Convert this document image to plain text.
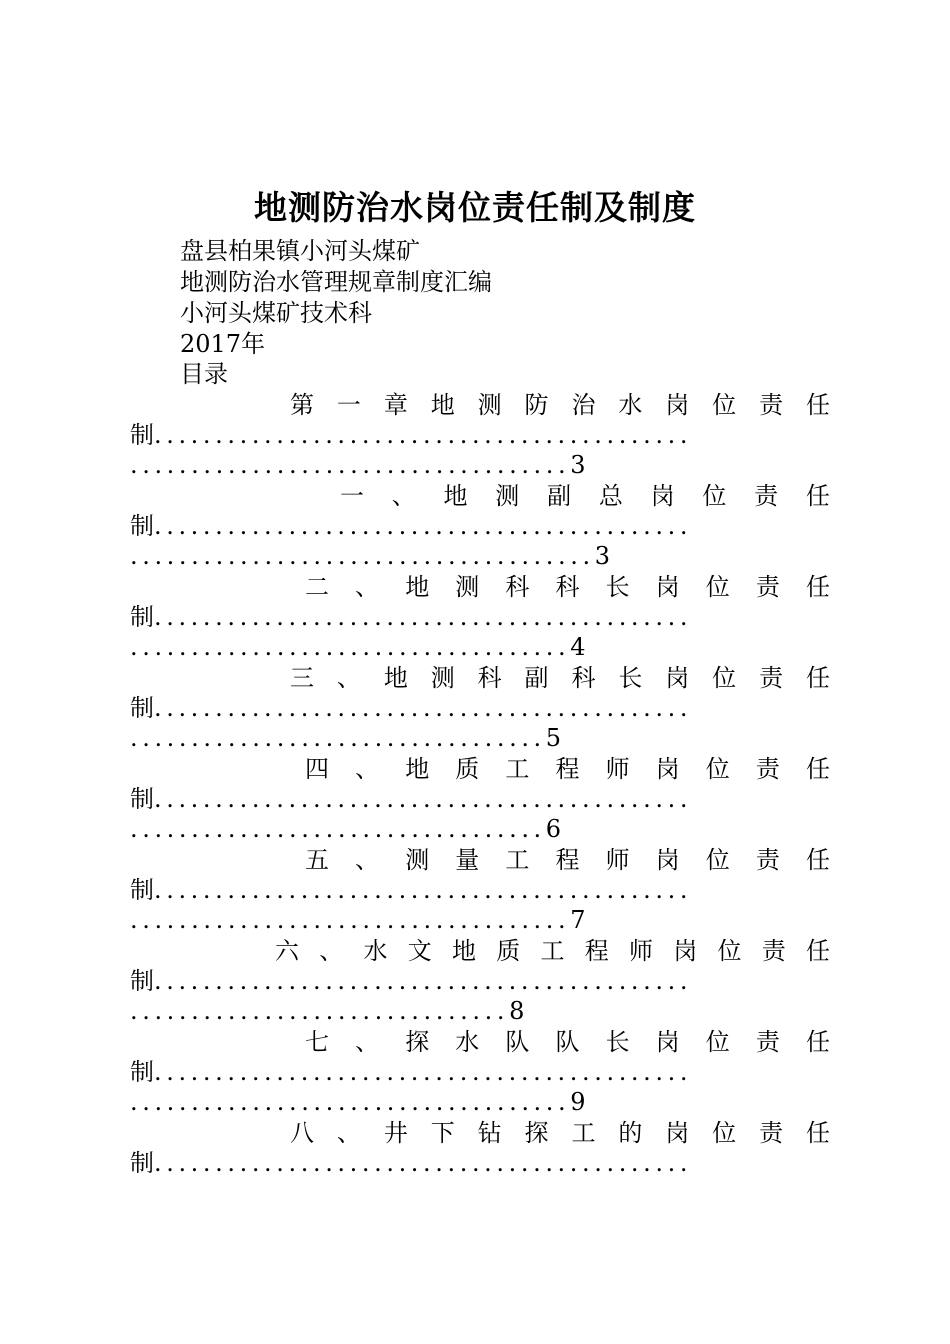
地测防治水岗位责任制及制度
盘县柏果镇小河头煤矿
地测防治水管理规章制度汇编
小河头煤矿技术科
2017年
目录
第 一 章 地 测 防 治 水 岗 位 责 任
制............................................
....................................3
一 、 地 测 副 总 岗 位 责 任
制............................................
......................................3
二 、 地 测 科 科 长 岗 位 责 任
制............................................
....................................4
三 、 地 测 科 副 科 长 岗 位 责 任
制............................................
..................................5
四 、 地 质 工 程 师 岗 位 责 任
制............................................
..................................6
五 、 测 量 工 程 师 岗 位 责 任
制............................................
....................................7
六 、 水 文 地 质 工 程 师 岗 位 责 任
制............................................
...............................8
七 、 探 水 队 队 长 岗 位 责 任
制............................................
....................................9
八 、 井 下 钻 探 工 的 岗 位 责 任
制............................................
